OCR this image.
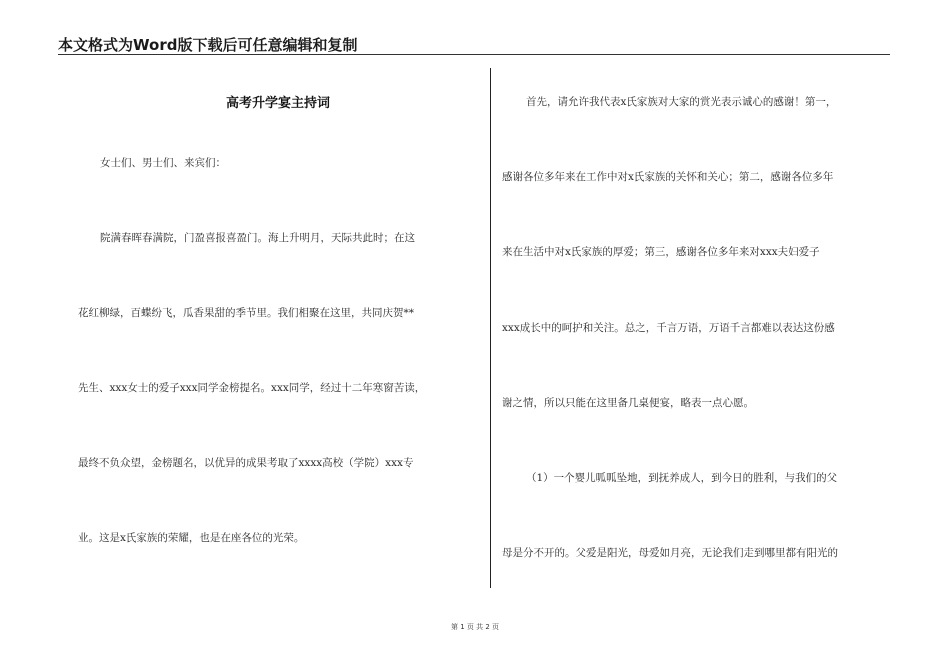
本文格式为Word版下载后可任意编辑和复制
高考升学宴主持词
女士们、男士们、来宾们：
院满春晖春满院，门盈喜报喜盈门。海上升明月，天际共此时；在这
花红柳绿，百蝶纷飞，瓜香果甜的季节里。我们相聚在这里，共同庆贺**
先生、xxx女士的爱子xxx同学金榜提名。xxx同学，经过十二年寒窗苦读，
最终不负众望，金榜题名，以优异的成果考取了xxxx高校（学院）xxx专
业。这是x氏家族的荣耀，也是在座各位的光荣。
首先，请允许我代表x氏家族对大家的赏光表示诚心的感谢！第一，
感谢各位多年来在工作中对x氏家族的关怀和关心；第二，感谢各位多年
来在生活中对x氏家族的厚爱；第三，感谢各位多年来对xxx夫妇爱子
xxx成长中的呵护和关注。总之，千言万语，万语千言都难以表达这份感
谢之情，所以只能在这里备几桌便宴，略表一点心愿。
（1）一个婴儿呱呱坠地，到抚养成人，到今日的胜利，与我们的父
母是分不开的。父爱是阳光，母爱如月亮，无论我们走到哪里都有阳光的
第 1 页 共 2 页
